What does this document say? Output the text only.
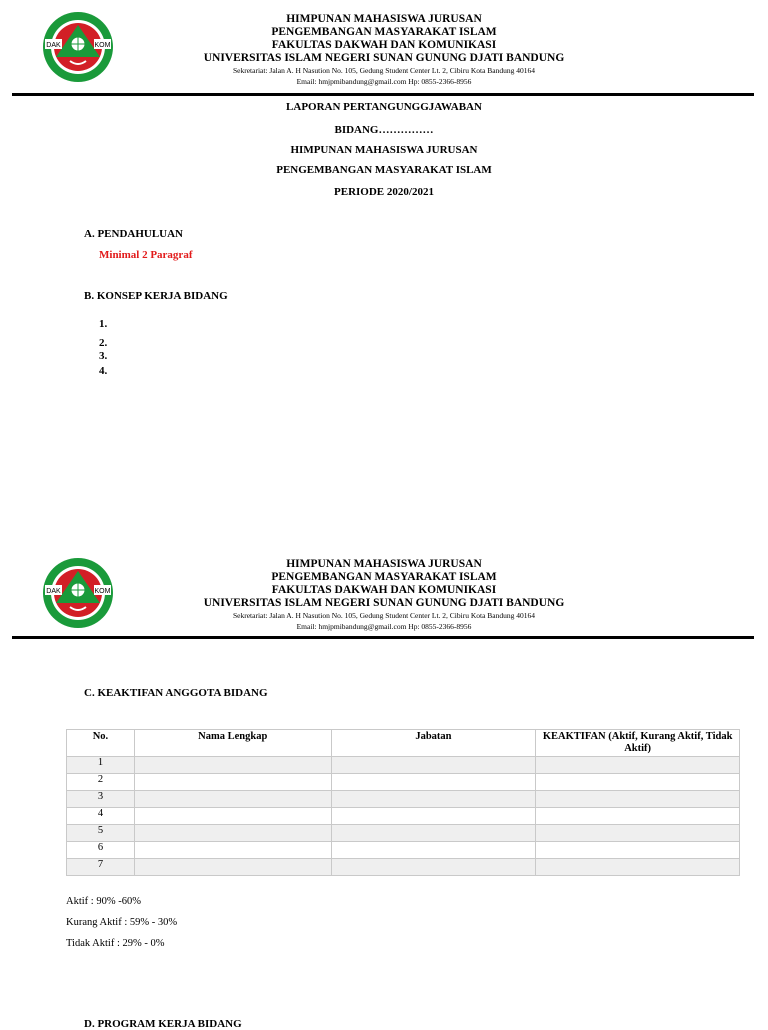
DAK	KOM
HIMPUNAN MAHASISWA JURUSAN
PENGEMBANGAN MASYARAKAT ISLAM
FAKULTAS DAKWAH DAN KOMUNIKASI
UNIVERSITAS ISLAM NEGERI SUNAN GUNUNG DJATI BANDUNG
Sekretariat: Jalan A. H Nasution No. 105, Gedung Student Center Lt. 2, Cibiru Kota Bandung 40164
Email: hmjpmibandung@gmail.com Hp: 0855-2366-8956
LAPORAN PERTANGUNGGJAWABAN
BIDANG……………
HIMPUNAN MAHASISWA JURUSAN
PENGEMBANGAN MASYARAKAT ISLAM
PERIODE 2020/2021
A. PENDAHULUAN
Minimal 2 Paragraf
B. KONSEP KERJA BIDANG
1.
2.
3.
4.
DAK	KOM
HIMPUNAN MAHASISWA JURUSAN
PENGEMBANGAN MASYARAKAT ISLAM
FAKULTAS DAKWAH DAN KOMUNIKASI
UNIVERSITAS ISLAM NEGERI SUNAN GUNUNG DJATI BANDUNG
Sekretariat: Jalan A. H Nasution No. 105, Gedung Student Center Lt. 2, Cibiru Kota Bandung 40164
Email: hmjpmibandung@gmail.com Hp: 0855-2366-8956
C. KEAKTIFAN ANGGOTA BIDANG
No.	Nama Lengkap	Jabatan	KEAKTIFAN (Aktif, Kurang Aktif, Tidak Aktif)
1			
2			
3			
4			
5			
6			
7			
Aktif : 90% -60%
Kurang Aktif : 59% - 30%
Tidak Aktif : 29% - 0%
D. PROGRAM KERJA BIDANG
